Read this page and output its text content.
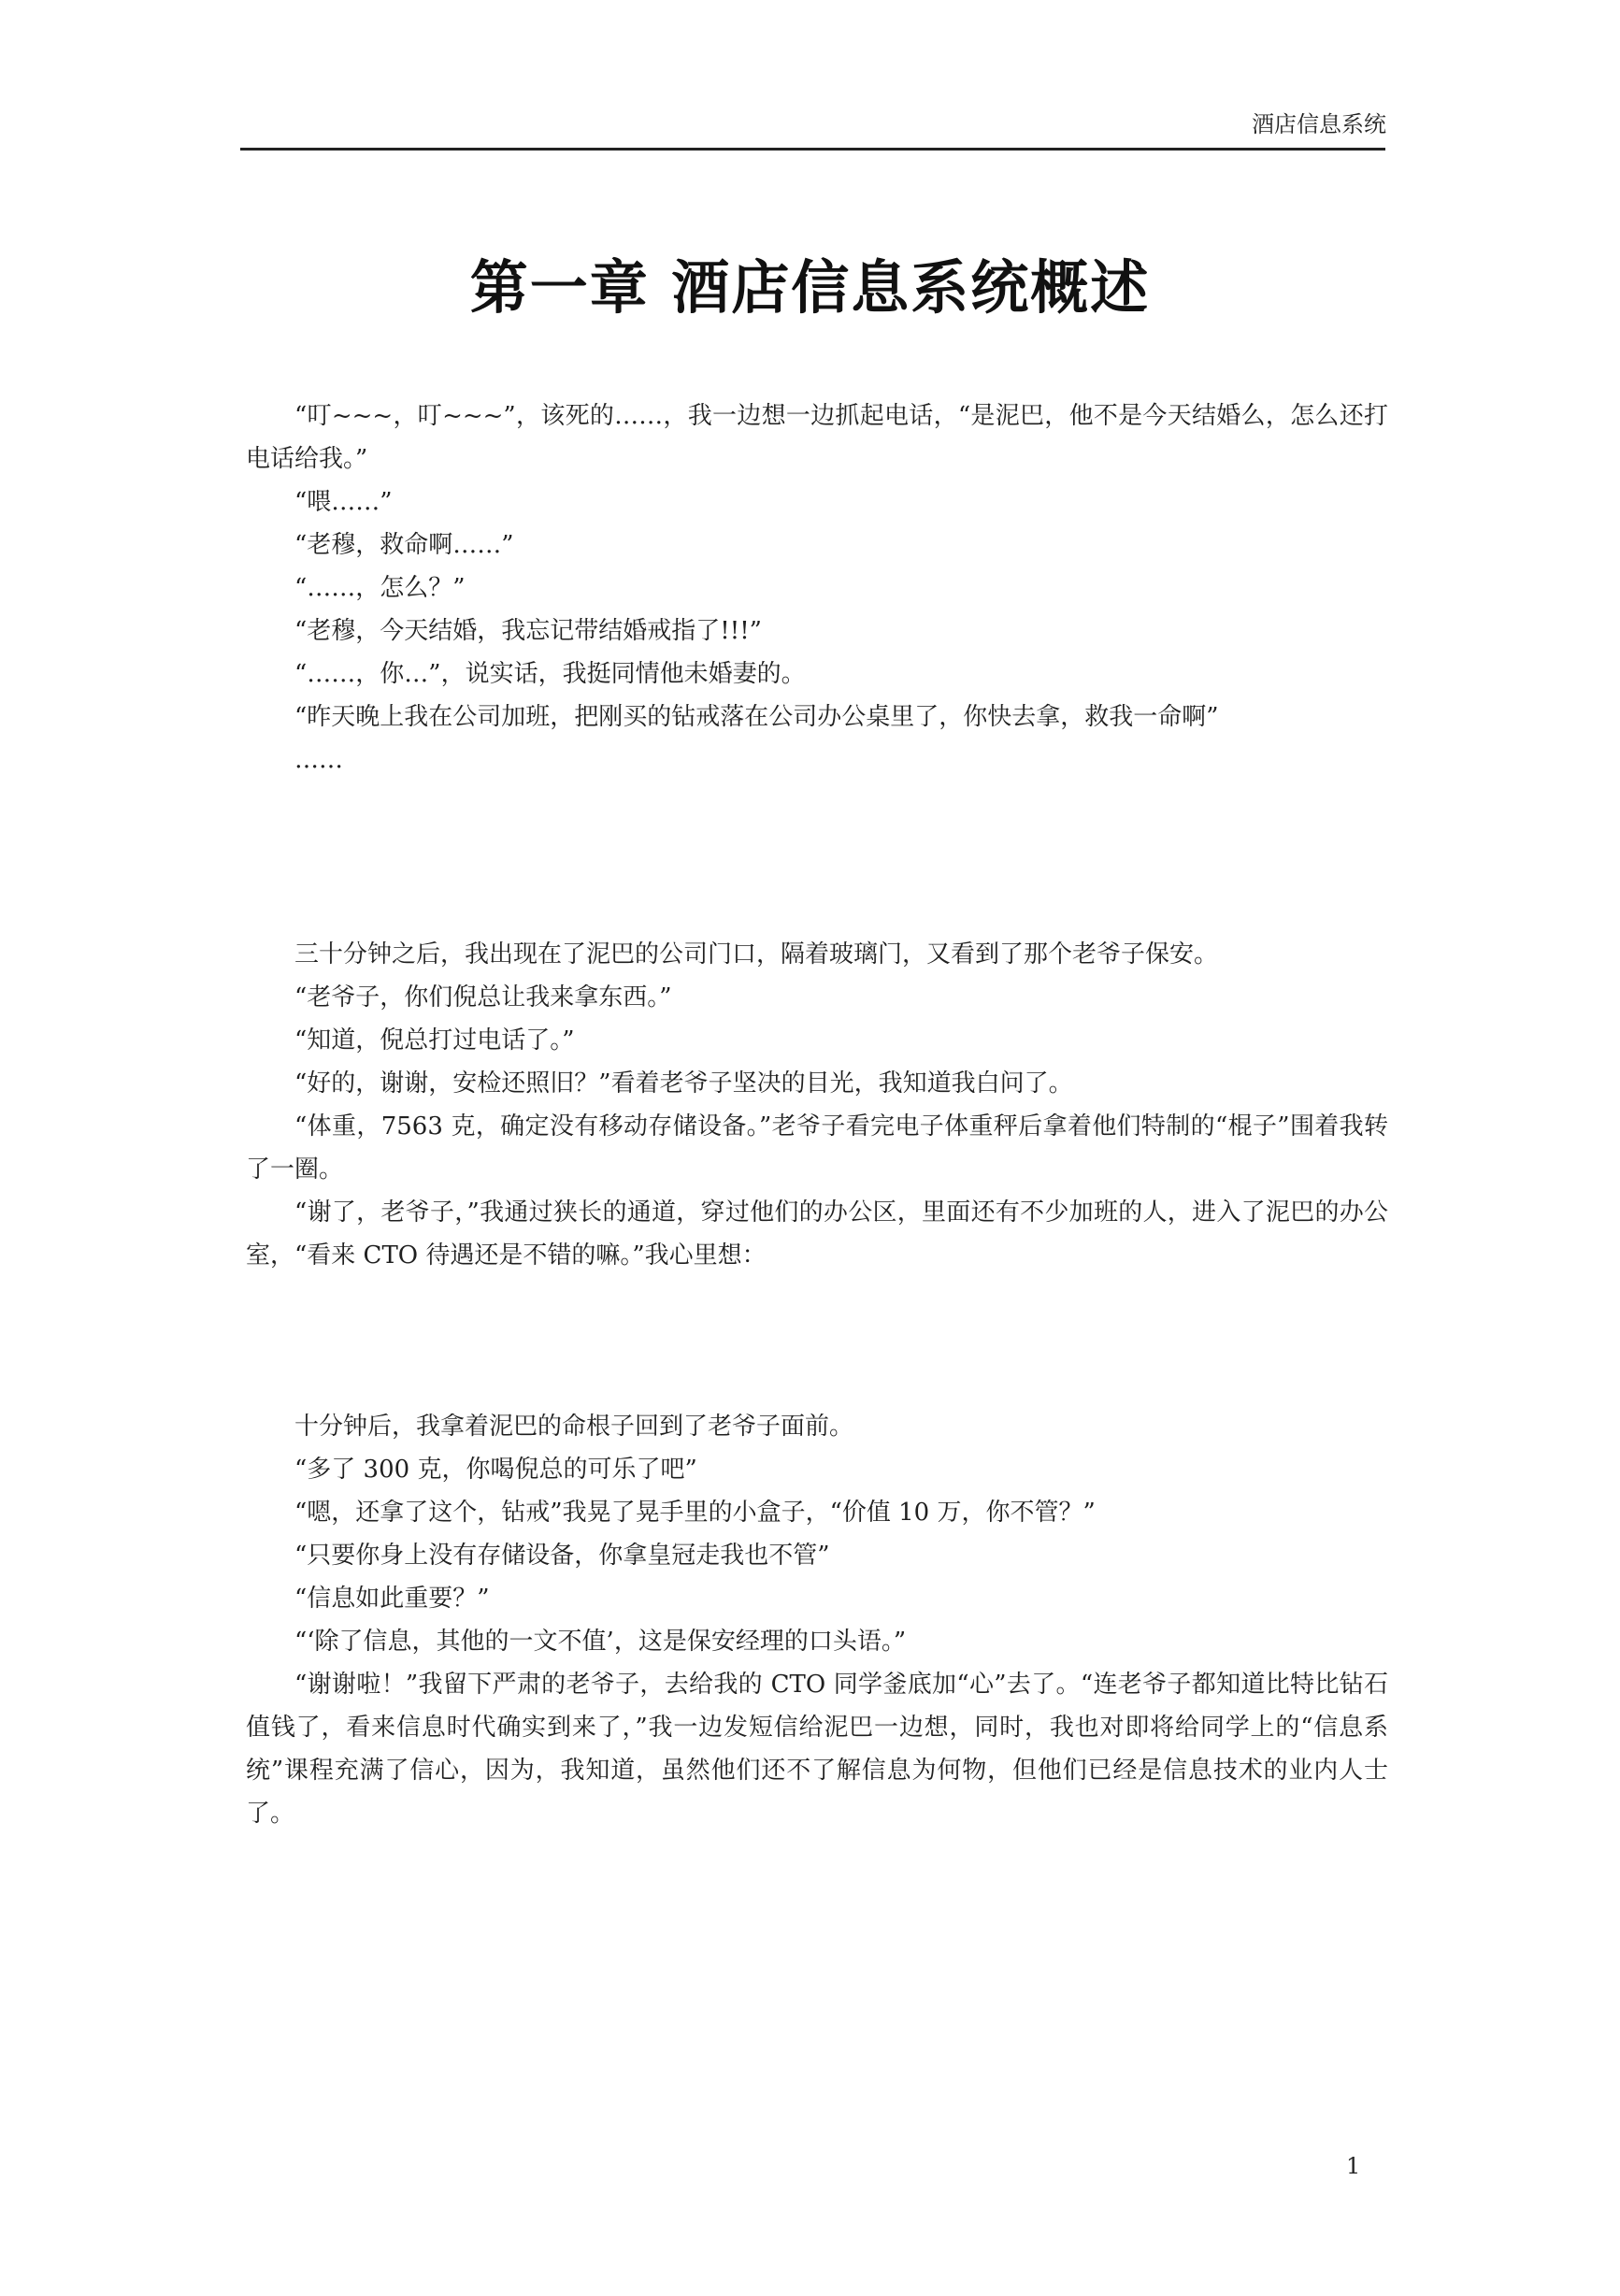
酒店信息系统
第一章 酒店信息系统概述

“叮~~~，叮~~~”，该死的……，我一边想一边抓起电话，“是泥巴，他不是今天结婚么，怎么还打电话给我。”

“喂……”

“老穆，救命啊……”

“……，怎么？”

“老穆，今天结婚，我忘记带结婚戒指了!!!”

“……，你…”，说实话，我挺同情他未婚妻的。

“昨天晚上我在公司加班，把刚买的钻戒落在公司办公桌里了，你快去拿，救我一命啊”

……

三十分钟之后，我出现在了泥巴的公司门口，隔着玻璃门，又看到了那个老爷子保安。

“老爷子，你们倪总让我来拿东西。”

“知道，倪总打过电话了。”

“好的，谢谢，安检还照旧？”看着老爷子坚决的目光，我知道我白问了。

“体重，7563 克，确定没有移动存储设备。”老爷子看完电子体重秤后拿着他们特制的“棍子”围着我转了一圈。

“谢了，老爷子，”我通过狭长的通道，穿过他们的办公区，里面还有不少加班的人，进入了泥巴的办公室，“看来 CTO 待遇还是不错的嘛。”我心里想：

十分钟后，我拿着泥巴的命根子回到了老爷子面前。

“多了 300 克，你喝倪总的可乐了吧”

“嗯，还拿了这个，钻戒”我晃了晃手里的小盒子，“价值 10 万，你不管？”

“只要你身上没有存储设备，你拿皇冠走我也不管”

“信息如此重要？”

“‘除了信息，其他的一文不值’，这是保安经理的口头语。”

“谢谢啦！”我留下严肃的老爷子，去给我的 CTO 同学釜底加“心”去了。“连老爷子都知道比特比钻石值钱了，看来信息时代确实到来了，”我一边发短信给泥巴一边想，同时，我也对即将给同学上的“信息系统”课程充满了信心，因为，我知道，虽然他们还不了解信息为何物，但他们已经是信息技术的业内人士了。

1
